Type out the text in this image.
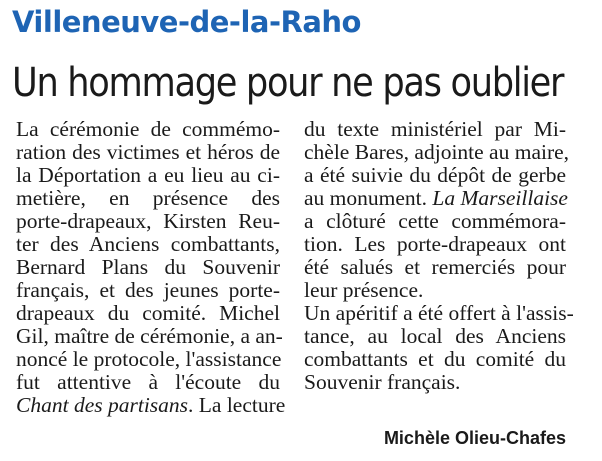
Villeneuve-de-la-Raho
Un hommage pour ne pas oublier
La cérémonie de commémo-
ration des victimes et héros de
la Déportation a eu lieu au ci-
metière, en présence des
porte-drapeaux, Kirsten Reu-
ter des Anciens combattants,
Bernard Plans du Souvenir
français, et des jeunes porte-
drapeaux du comité. Michel
Gil, maître de cérémonie, a an-
noncé le protocole, l'assistance
fut attentive à l'écoute du
Chant des partisans. La lecture
du texte ministériel par Mi-
chèle Bares, adjointe au maire,
a été suivie du dépôt de gerbe
au monument. La Marseillaise
a clôturé cette commémora-
tion. Les porte-drapeaux ont
été salués et remerciés pour
leur présence.
Un apéritif a été offert à l'assis-
tance, au local des Anciens
combattants et du comité du
Souvenir français.
Michèle Olieu-Chafes
